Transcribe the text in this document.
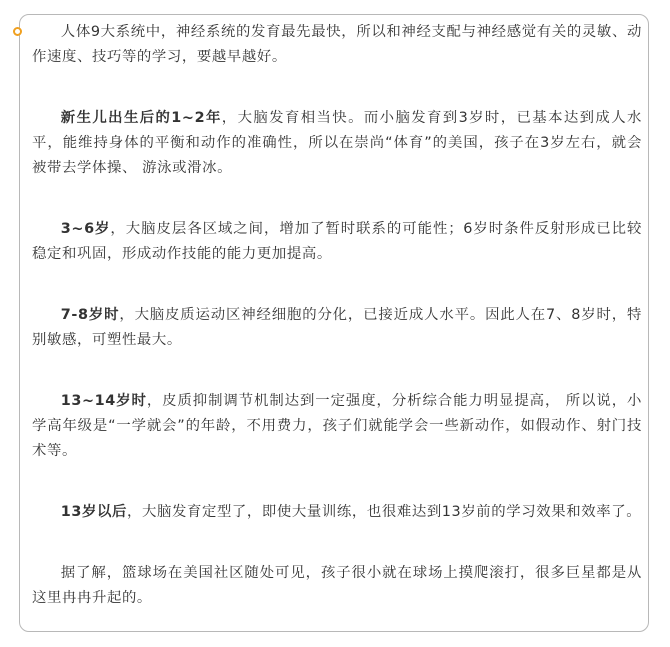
人体9大系统中，神经系统的发育最先最快，所以和神经支配与神经感觉有关的灵敏、动作速度、技巧等的学习，要越早越好。

新生儿出生后的1~2年，大脑发育相当快。而小脑发育到3岁时，已基本达到成人水平，能维持身体的平衡和动作的准确性，所以在崇尚“体育”的美国，孩子在3岁左右，就会被带去学体操、 游泳或滑冰。

3~6岁，大脑皮层各区域之间，增加了暂时联系的可能性；6岁时条件反射形成已比较稳定和巩固，形成动作技能的能力更加提高。

7-8岁时，大脑皮质运动区神经细胞的分化，已接近成人水平。因此人在7、8岁时，特别敏感，可塑性最大。

13~14岁时，皮质抑制调节机制达到一定强度，分析综合能力明显提高， 所以说，小学高年级是“一学就会”的年龄，不用费力，孩子们就能学会一些新动作，如假动作、射门技术等。

13岁以后，大脑发育定型了，即使大量训练，也很难达到13岁前的学习效果和效率了。

据了解，篮球场在美国社区随处可见，孩子很小就在球场上摸爬滚打，很多巨星都是从这里冉冉升起的。
